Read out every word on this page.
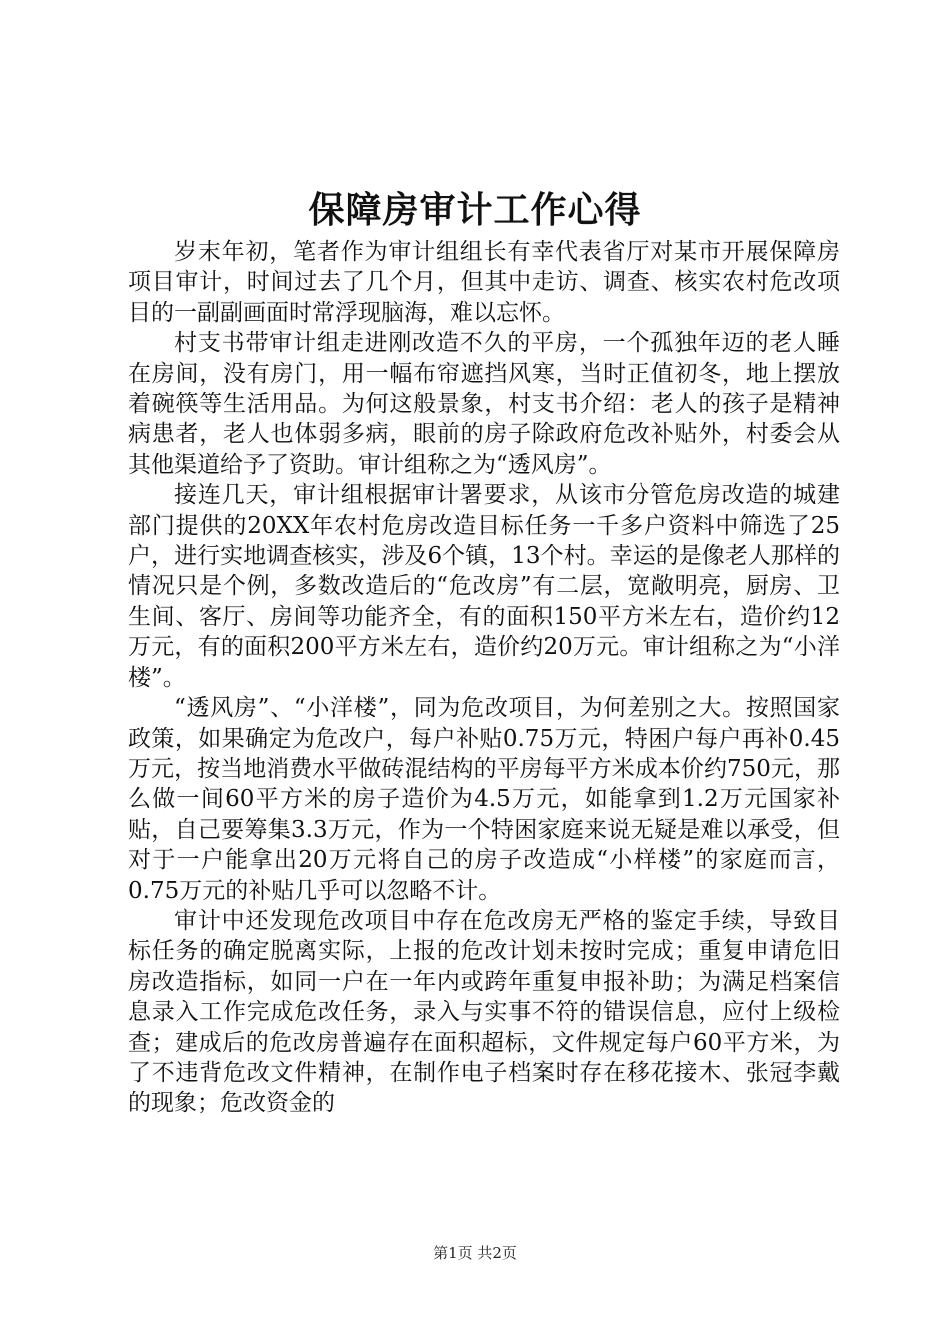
保障房审计工作心得

岁末年初，笔者作为审计组组长有幸代表省厅对某市开展保障房项目审计，时间过去了几个月，但其中走访、调查、核实农村危改项目的一副副画面时常浮现脑海，难以忘怀。

村支书带审计组走进刚改造不久的平房，一个孤独年迈的老人睡在房间，没有房门，用一幅布帘遮挡风寒，当时正值初冬，地上摆放着碗筷等生活用品。为何这般景象，村支书介绍：老人的孩子是精神病患者，老人也体弱多病，眼前的房子除政府危改补贴外，村委会从其他渠道给予了资助。审计组称之为“透风房”。

接连几天，审计组根据审计署要求，从该市分管危房改造的城建部门提供的20XX年农村危房改造目标任务一千多户资料中筛选了25户，进行实地调查核实，涉及6个镇，13个村。幸运的是像老人那样的情况只是个例，多数改造后的“危改房”有二层，宽敞明亮，厨房、卫生间、客厅、房间等功能齐全，有的面积150平方米左右，造价约12万元，有的面积200平方米左右，造价约20万元。审计组称之为“小洋楼”。

“透风房”、“小洋楼”，同为危改项目，为何差别之大。按照国家政策，如果确定为危改户，每户补贴0.75万元，特困户每户再补0.45万元，按当地消费水平做砖混结构的平房每平方米成本价约750元，那么做一间60平方米的房子造价为4.5万元，如能拿到1.2万元国家补贴，自己要筹集3.3万元，作为一个特困家庭来说无疑是难以承受，但对于一户能拿出20万元将自己的房子改造成“小样楼”的家庭而言，0.75万元的补贴几乎可以忽略不计。

审计中还发现危改项目中存在危改房无严格的鉴定手续，导致目标任务的确定脱离实际，上报的危改计划未按时完成；重复申请危旧房改造指标，如同一户在一年内或跨年重复申报补助；为满足档案信息录入工作完成危改任务，录入与实事不符的错误信息，应付上级检查；建成后的危改房普遍存在面积超标，文件规定每户60平方米，为了不违背危改文件精神，在制作电子档案时存在移花接木、张冠李戴的现象；危改资金的

第1页 共2页
